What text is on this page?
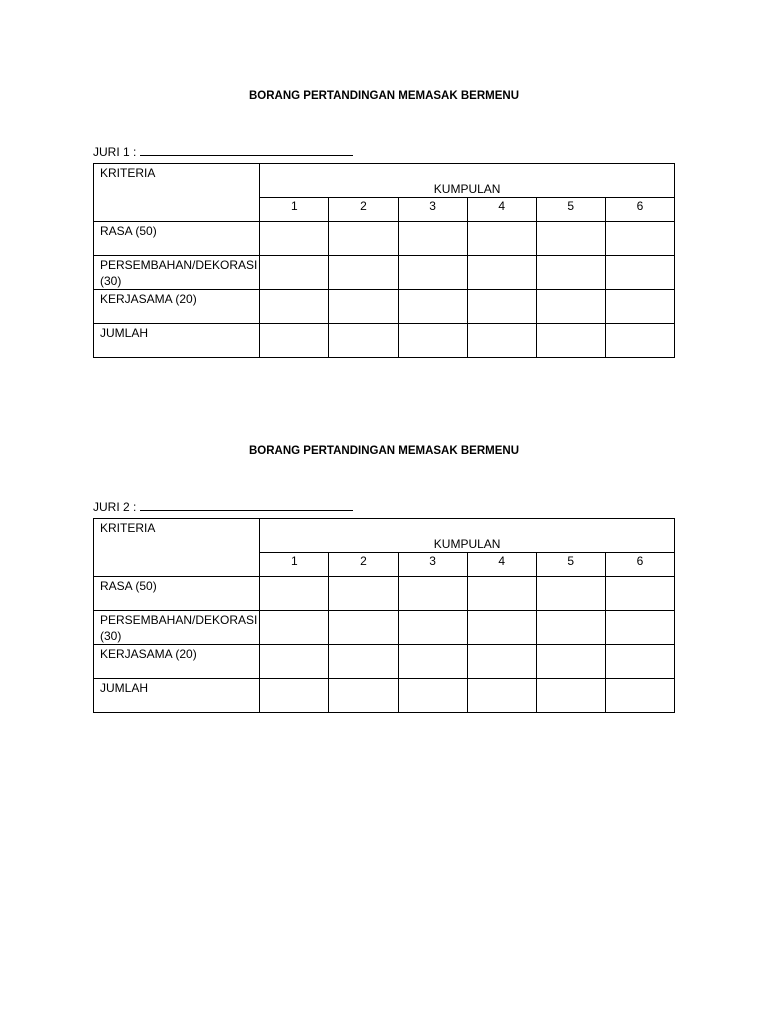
BORANG PERTANDINGAN MEMASAK BERMENU
JURI 1 :
KRITERIA	KUMPULAN					
	1	2	3	4	5	6
RASA (50)						
PERSEMBAHAN/DEKORASI (30)						
KERJASAMA (20)						
JUMLAH						
BORANG PERTANDINGAN MEMASAK BERMENU
JURI 2 :
KRITERIA	KUMPULAN					
	1	2	3	4	5	6
RASA (50)						
PERSEMBAHAN/DEKORASI (30)						
KERJASAMA (20)						
JUMLAH						
